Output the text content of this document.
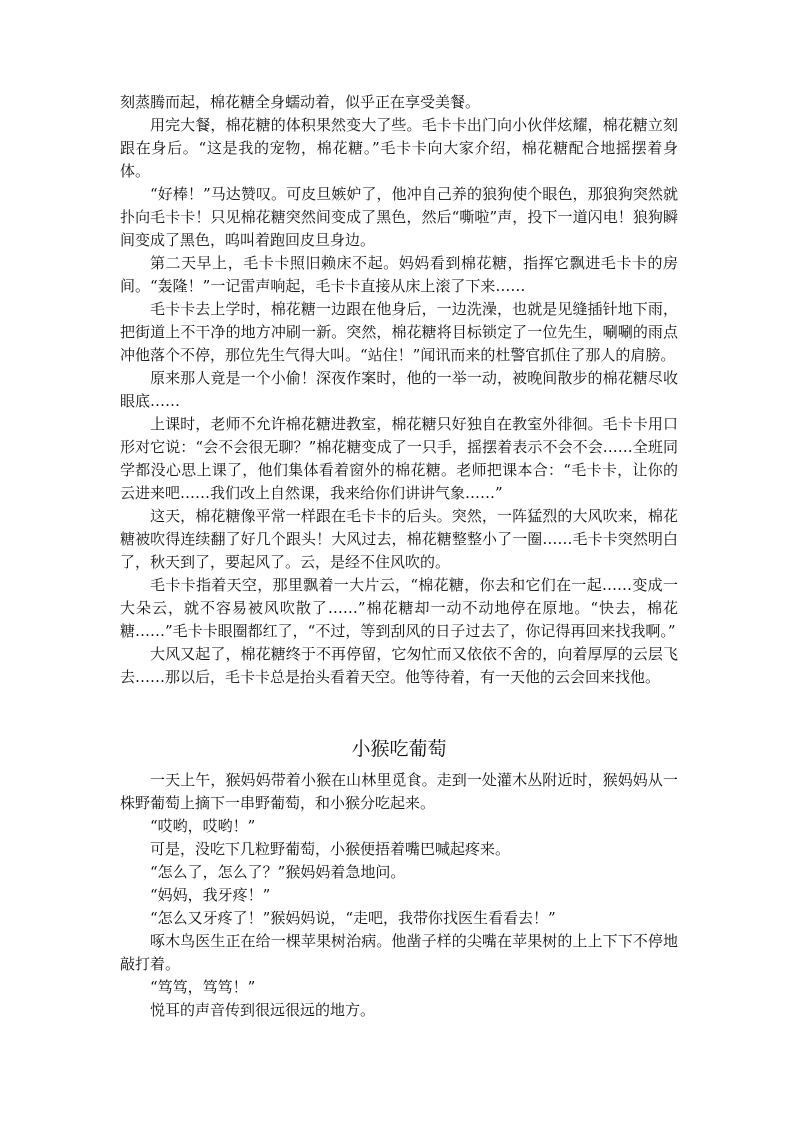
刻蒸腾而起，棉花糖全身蠕动着，似乎正在享受美餐。

用完大餐，棉花糖的体积果然变大了些。毛卡卡出门向小伙伴炫耀，棉花糖立刻跟在身后。“这是我的宠物，棉花糖。”毛卡卡向大家介绍，棉花糖配合地摇摆着身体。

“好棒！”马达赞叹。可皮旦嫉妒了，他冲自己养的狼狗使个眼色，那狼狗突然就扑向毛卡卡！只见棉花糖突然间变成了黑色，然后“嘶啦”声，投下一道闪电！狼狗瞬间变成了黑色，呜叫着跑回皮旦身边。

第二天早上，毛卡卡照旧赖床不起。妈妈看到棉花糖，指挥它飘进毛卡卡的房间。“轰隆！”一记雷声响起，毛卡卡直接从床上滚了下来……

毛卡卡去上学时，棉花糖一边跟在他身后，一边洗澡，也就是见缝插针地下雨，把街道上不干净的地方冲刷一新。突然，棉花糖将目标锁定了一位先生，唰唰的雨点冲他落个不停，那位先生气得大叫。“站住！”闻讯而来的杜警官抓住了那人的肩膀。

原来那人竟是一个小偷！深夜作案时，他的一举一动，被晚间散步的棉花糖尽收眼底……

上课时，老师不允许棉花糖进教室，棉花糖只好独自在教室外徘徊。毛卡卡用口形对它说：“会不会很无聊？”棉花糖变成了一只手，摇摆着表示不会不会……全班同学都没心思上课了，他们集体看着窗外的棉花糖。老师把课本合：“毛卡卡，让你的云进来吧……我们改上自然课，我来给你们讲讲气象……”

这天，棉花糖像平常一样跟在毛卡卡的后头。突然，一阵猛烈的大风吹来，棉花糖被吹得连续翻了好几个跟头！大风过去，棉花糖整整小了一圈……毛卡卡突然明白了，秋天到了，要起风了。云，是经不住风吹的。

毛卡卡指着天空，那里飘着一大片云，“棉花糖，你去和它们在一起……变成一大朵云，就不容易被风吹散了……”棉花糖却一动不动地停在原地。“快去，棉花糖……”毛卡卡眼圈都红了，“不过，等到刮风的日子过去了，你记得再回来找我啊。”

大风又起了，棉花糖终于不再停留，它匆忙而又依依不舍的，向着厚厚的云层飞去……那以后，毛卡卡总是抬头看着天空。他等待着，有一天他的云会回来找他。

小猴吃葡萄

一天上午，猴妈妈带着小猴在山林里觅食。走到一处灌木丛附近时，猴妈妈从一株野葡萄上摘下一串野葡萄，和小猴分吃起来。

“哎哟，哎哟！”

可是，没吃下几粒野葡萄，小猴便捂着嘴巴喊起疼来。

“怎么了，怎么了？”猴妈妈着急地问。

“妈妈，我牙疼！”

“怎么又牙疼了！”猴妈妈说，“走吧，我带你找医生看看去！”

啄木鸟医生正在给一棵苹果树治病。他凿子样的尖嘴在苹果树的上上下下不停地敲打着。

“笃笃，笃笃！”

悦耳的声音传到很远很远的地方。
